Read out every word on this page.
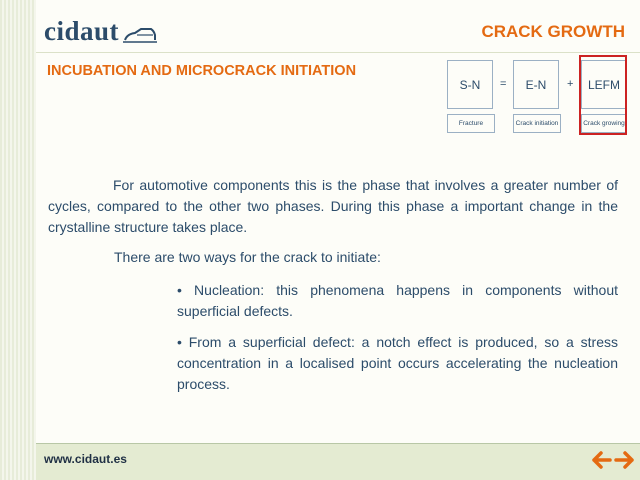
cidaut	CRACK GROWTH
INCUBATION AND MICROCRACK INITIATION
S-N = E-N + LEFM
Fracture	Crack initiation	Crack growing
For automotive components this is the phase that involves a greater number of cycles, compared to the other two phases. During this phase a important change in the crystalline structure takes place.
There are two ways for the crack to initiate:
• Nucleation: this phenomena happens in components without superficial defects.
• From a superficial defect: a notch effect is produced, so a stress concentration in a localised point occurs accelerating the nucleation process.
www.cidaut.es
